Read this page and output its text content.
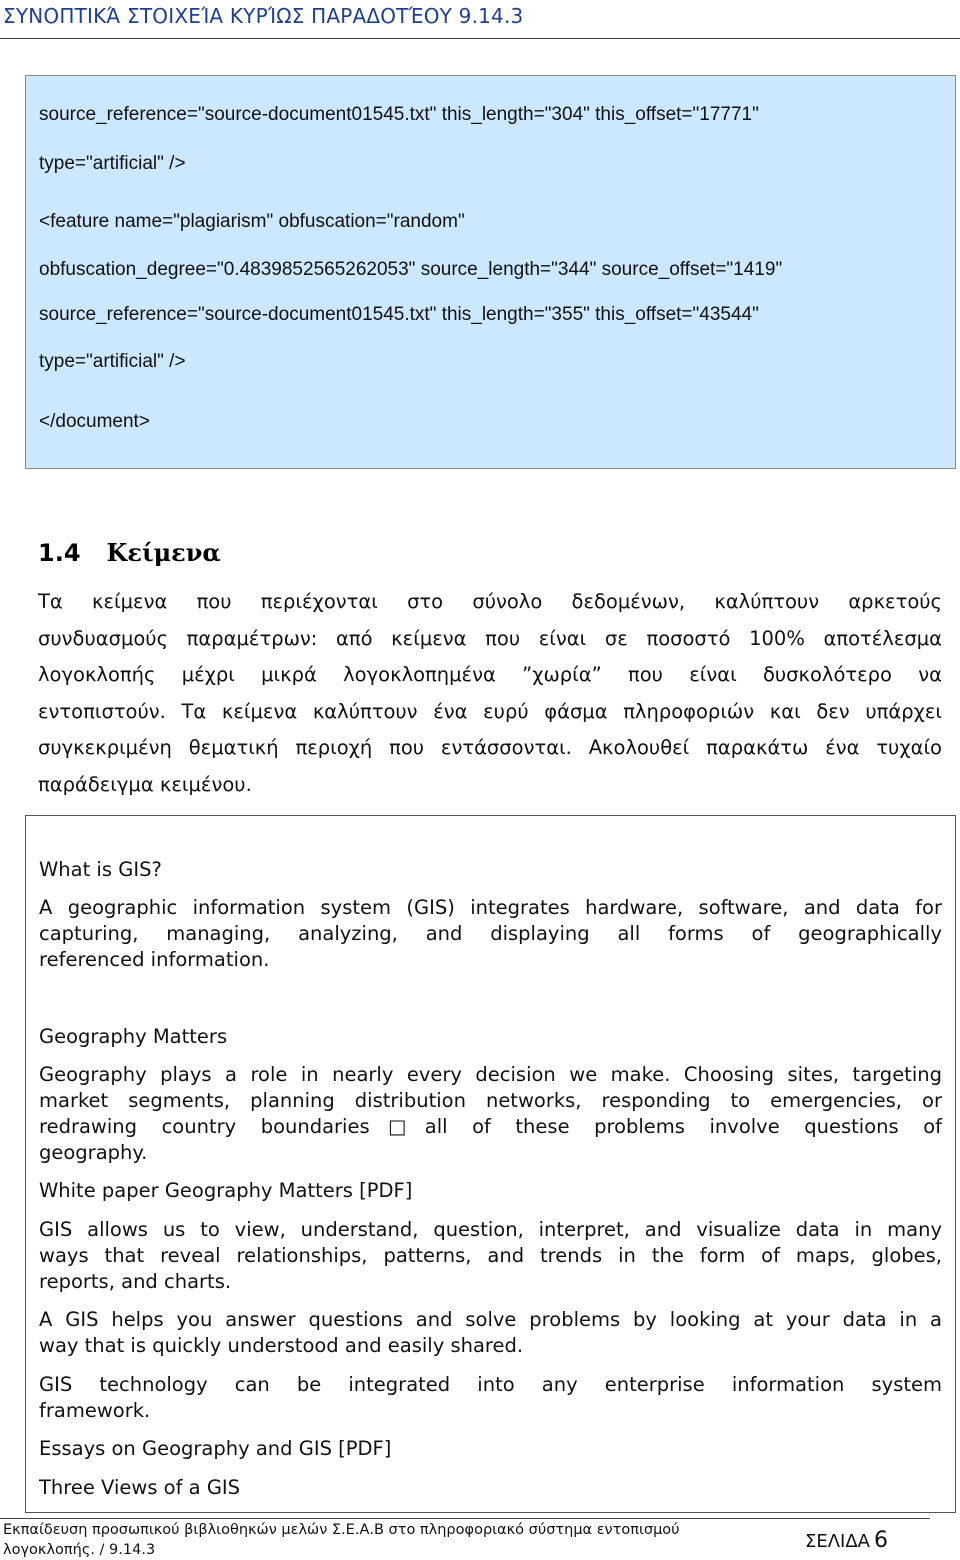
ΣΥΝΟΠΤΙΚΆ ΣΤΟΙΧΕΊΑ ΚΥΡΊΩΣ ΠΑΡΑΔΟΤΈΟΥ 9.14.3
source_reference="source-document01545.txt" this_length="304" this_offset="17771"
type="artificial" />
<feature name="plagiarism" obfuscation="random"
obfuscation_degree="0.4839852565262053" source_length="344" source_offset="1419"
source_reference="source-document01545.txt" this_length="355" this_offset="43544"
type="artificial" />
</document>
1.4 Κείμενα
Τα κείμενα που περιέχονται στο σύνολο δεδομένων, καλύπτουν αρκετούς
συνδυασμούς παραμέτρων: από κείμενα που είναι σε ποσοστό 100% αποτέλεσμα
λογοκλοπής μέχρι μικρά λογοκλοπημένα ”χωρία” που είναι δυσκολότερο να
εντοπιστούν. Τα κείμενα καλύπτουν ένα ευρύ φάσμα πληροφοριών και δεν υπάρχει
συγκεκριμένη θεματική περιοχή που εντάσσονται. Ακολουθεί παρακάτω ένα τυχαίο
παράδειγμα κειμένου.
What is GIS?
A geographic information system (GIS) integrates hardware, software, and data for
capturing, managing, analyzing, and displaying all forms of geographically
referenced information.
Geography Matters
Geography plays a role in nearly every decision we make. Choosing sites, targeting
market segments, planning distribution networks, responding to emergencies, or
redrawing country boundaries□all of these problems involve questions of
geography.
White paper Geography Matters [PDF]
GIS allows us to view, understand, question, interpret, and visualize data in many
ways that reveal relationships, patterns, and trends in the form of maps, globes,
reports, and charts.
A GIS helps you answer questions and solve problems by looking at your data in a
way that is quickly understood and easily shared.
GIS technology can be integrated into any enterprise information system
framework.
Essays on Geography and GIS [PDF]
Three Views of a GIS
Εκπαίδευση προσωπικού βιβλιοθηκών μελών Σ.Ε.Α.Β στο πληροφοριακό σύστημα εντοπισμού
λογοκλοπής. / 9.14.3	ΣΕΛΙΔΑ 6
